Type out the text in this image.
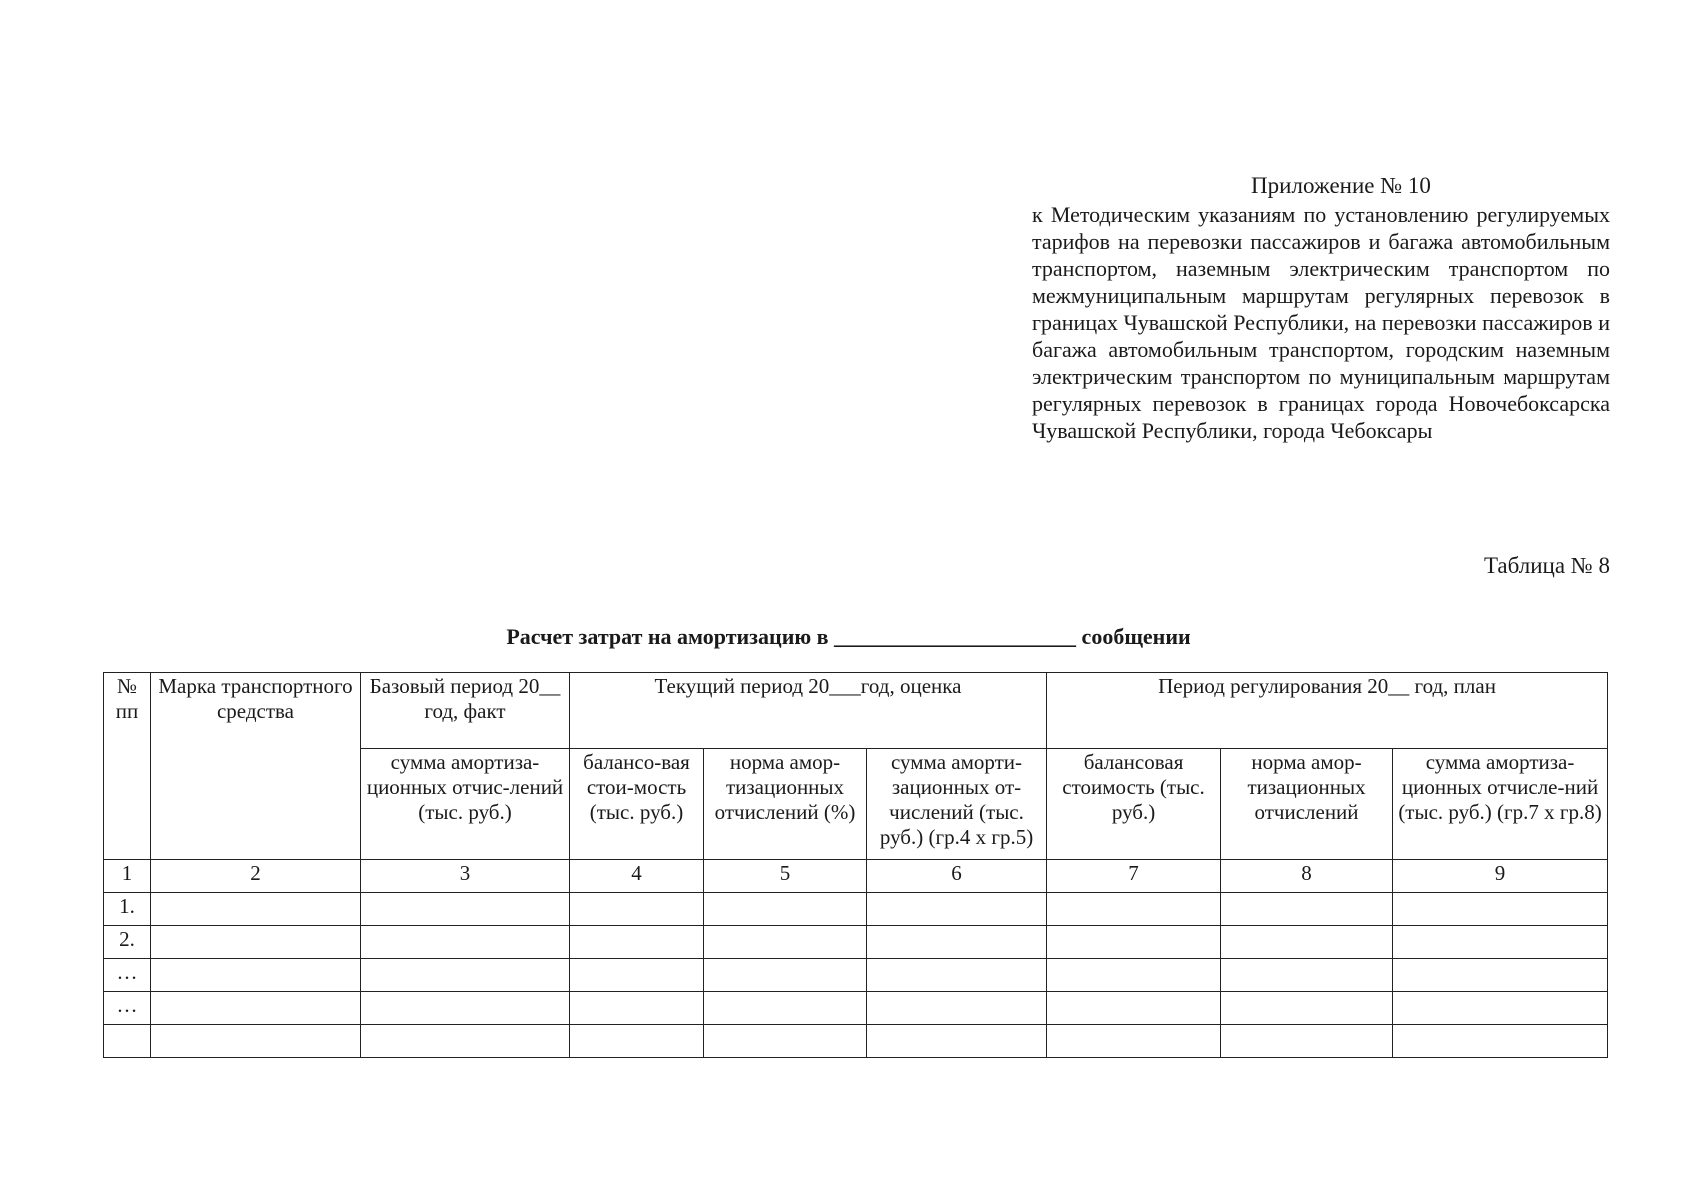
Приложение № 10

к Методическим указаниям по установлению регулируемых тарифов на перевозки пассажиров и багажа автомобильным транспортом, наземным электрическим транспортом по межмуниципальным маршрутам регулярных перевозок в границах Чувашской Республики, на перевозки пассажиров и багажа автомобильным транспортом, городским наземным электрическим транспортом по муниципальным маршрутам регулярных перевозок в границах города Новочебоксарска Чувашской Республики, города Чебоксары

Таблица № 8
Расчет затрат на амортизацию в ______________________ сообщении
№ пп	Марка транспортного средства	Базовый период 20__ год, факт	Текущий период 20___год, оценка			Период регулирования 20__ год, план		
		сумма амортиза-ционных отчис-лений (тыс. руб.)	балансо-вая стои-мость (тыс. руб.)	норма амор-тизационных отчислений (%)	сумма аморти-зационных от-числений (тыс. руб.) (гр.4 x гр.5)	балансовая стоимость (тыс. руб.)	норма амор-тизационных отчислений	сумма амортиза-ционных отчисле-ний (тыс. руб.) (гр.7 x гр.8)
1	2	3	4	5	6	7	8	9
1.								
2.								
…								
…								
